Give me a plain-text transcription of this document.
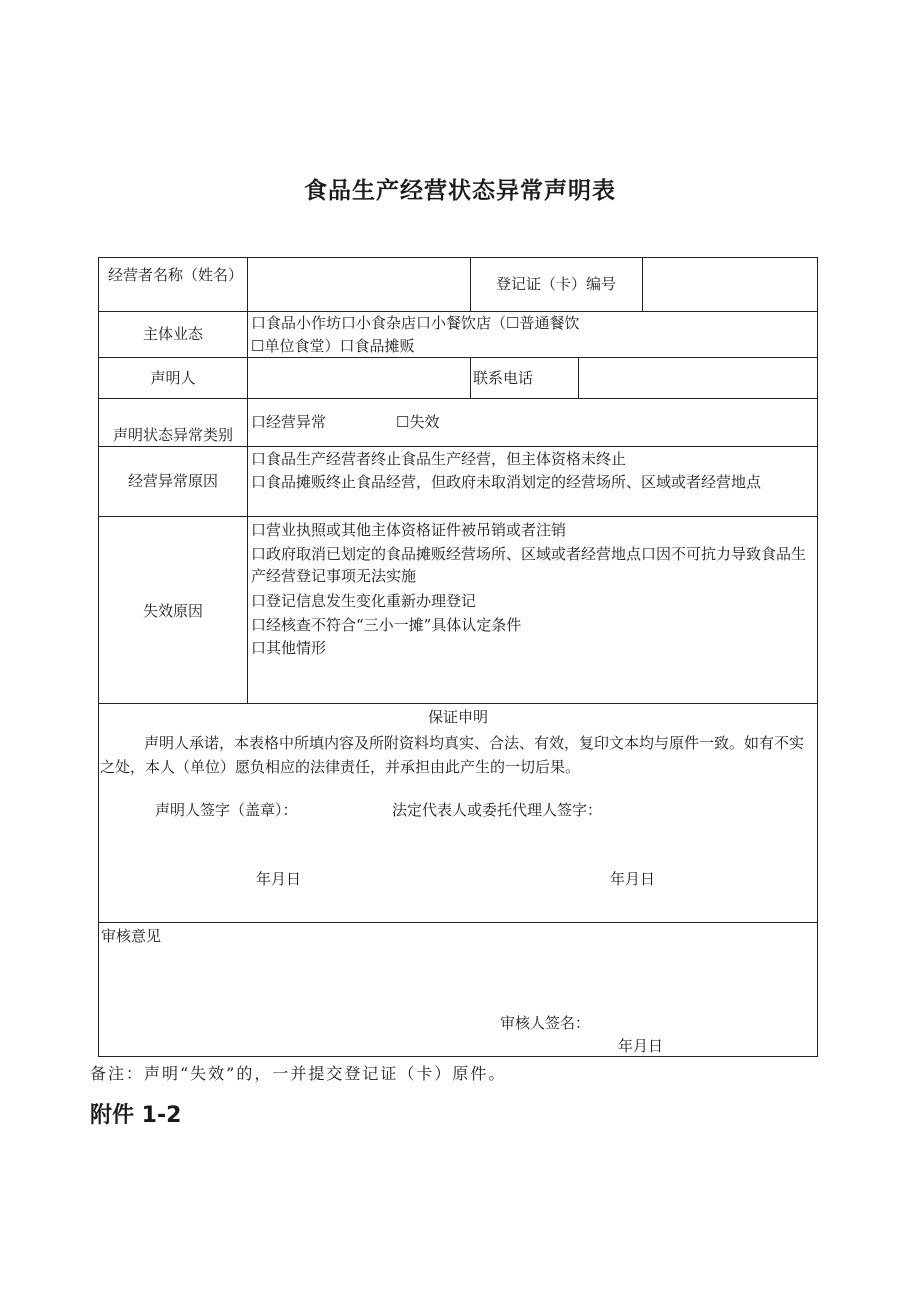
食品生产经营状态异常声明表
经营者名称（姓名）	登记证（卡）编号
主体业态
口食品小作坊口小食杂店口小餐饮店（☐普通餐饮
☐单位食堂）口食品摊贩
声明人	联系电话
声明状态异常类别
口经营异常	☐失效
经营异常原因
口食品生产经营者终止食品生产经营，但主体资格未终止
口食品摊贩终止食品经营，但政府未取消划定的经营场所、区域或者经营地点
失效原因
口营业执照或其他主体资格证件被吊销或者注销
口政府取消已划定的食品摊贩经营场所、区域或者经营地点口因不可抗力导致食品生产经营登记事项无法实施
口登记信息发生变化重新办理登记
口经核查不符合“三小一摊”具体认定条件
口其他情形
保证申明
声明人承诺，本表格中所填内容及所附资料均真实、合法、有效，复印文本均与原件一致。如有不实之处，本人（单位）愿负相应的法律责任，并承担由此产生的一切后果。
声明人签字（盖章）：	法定代表人或委托代理人签字：
年月日	年月日
审核意见
审核人签名：
年月日
备注：声明“失效”的，一并提交登记证（卡）原件。
附件 1-2
